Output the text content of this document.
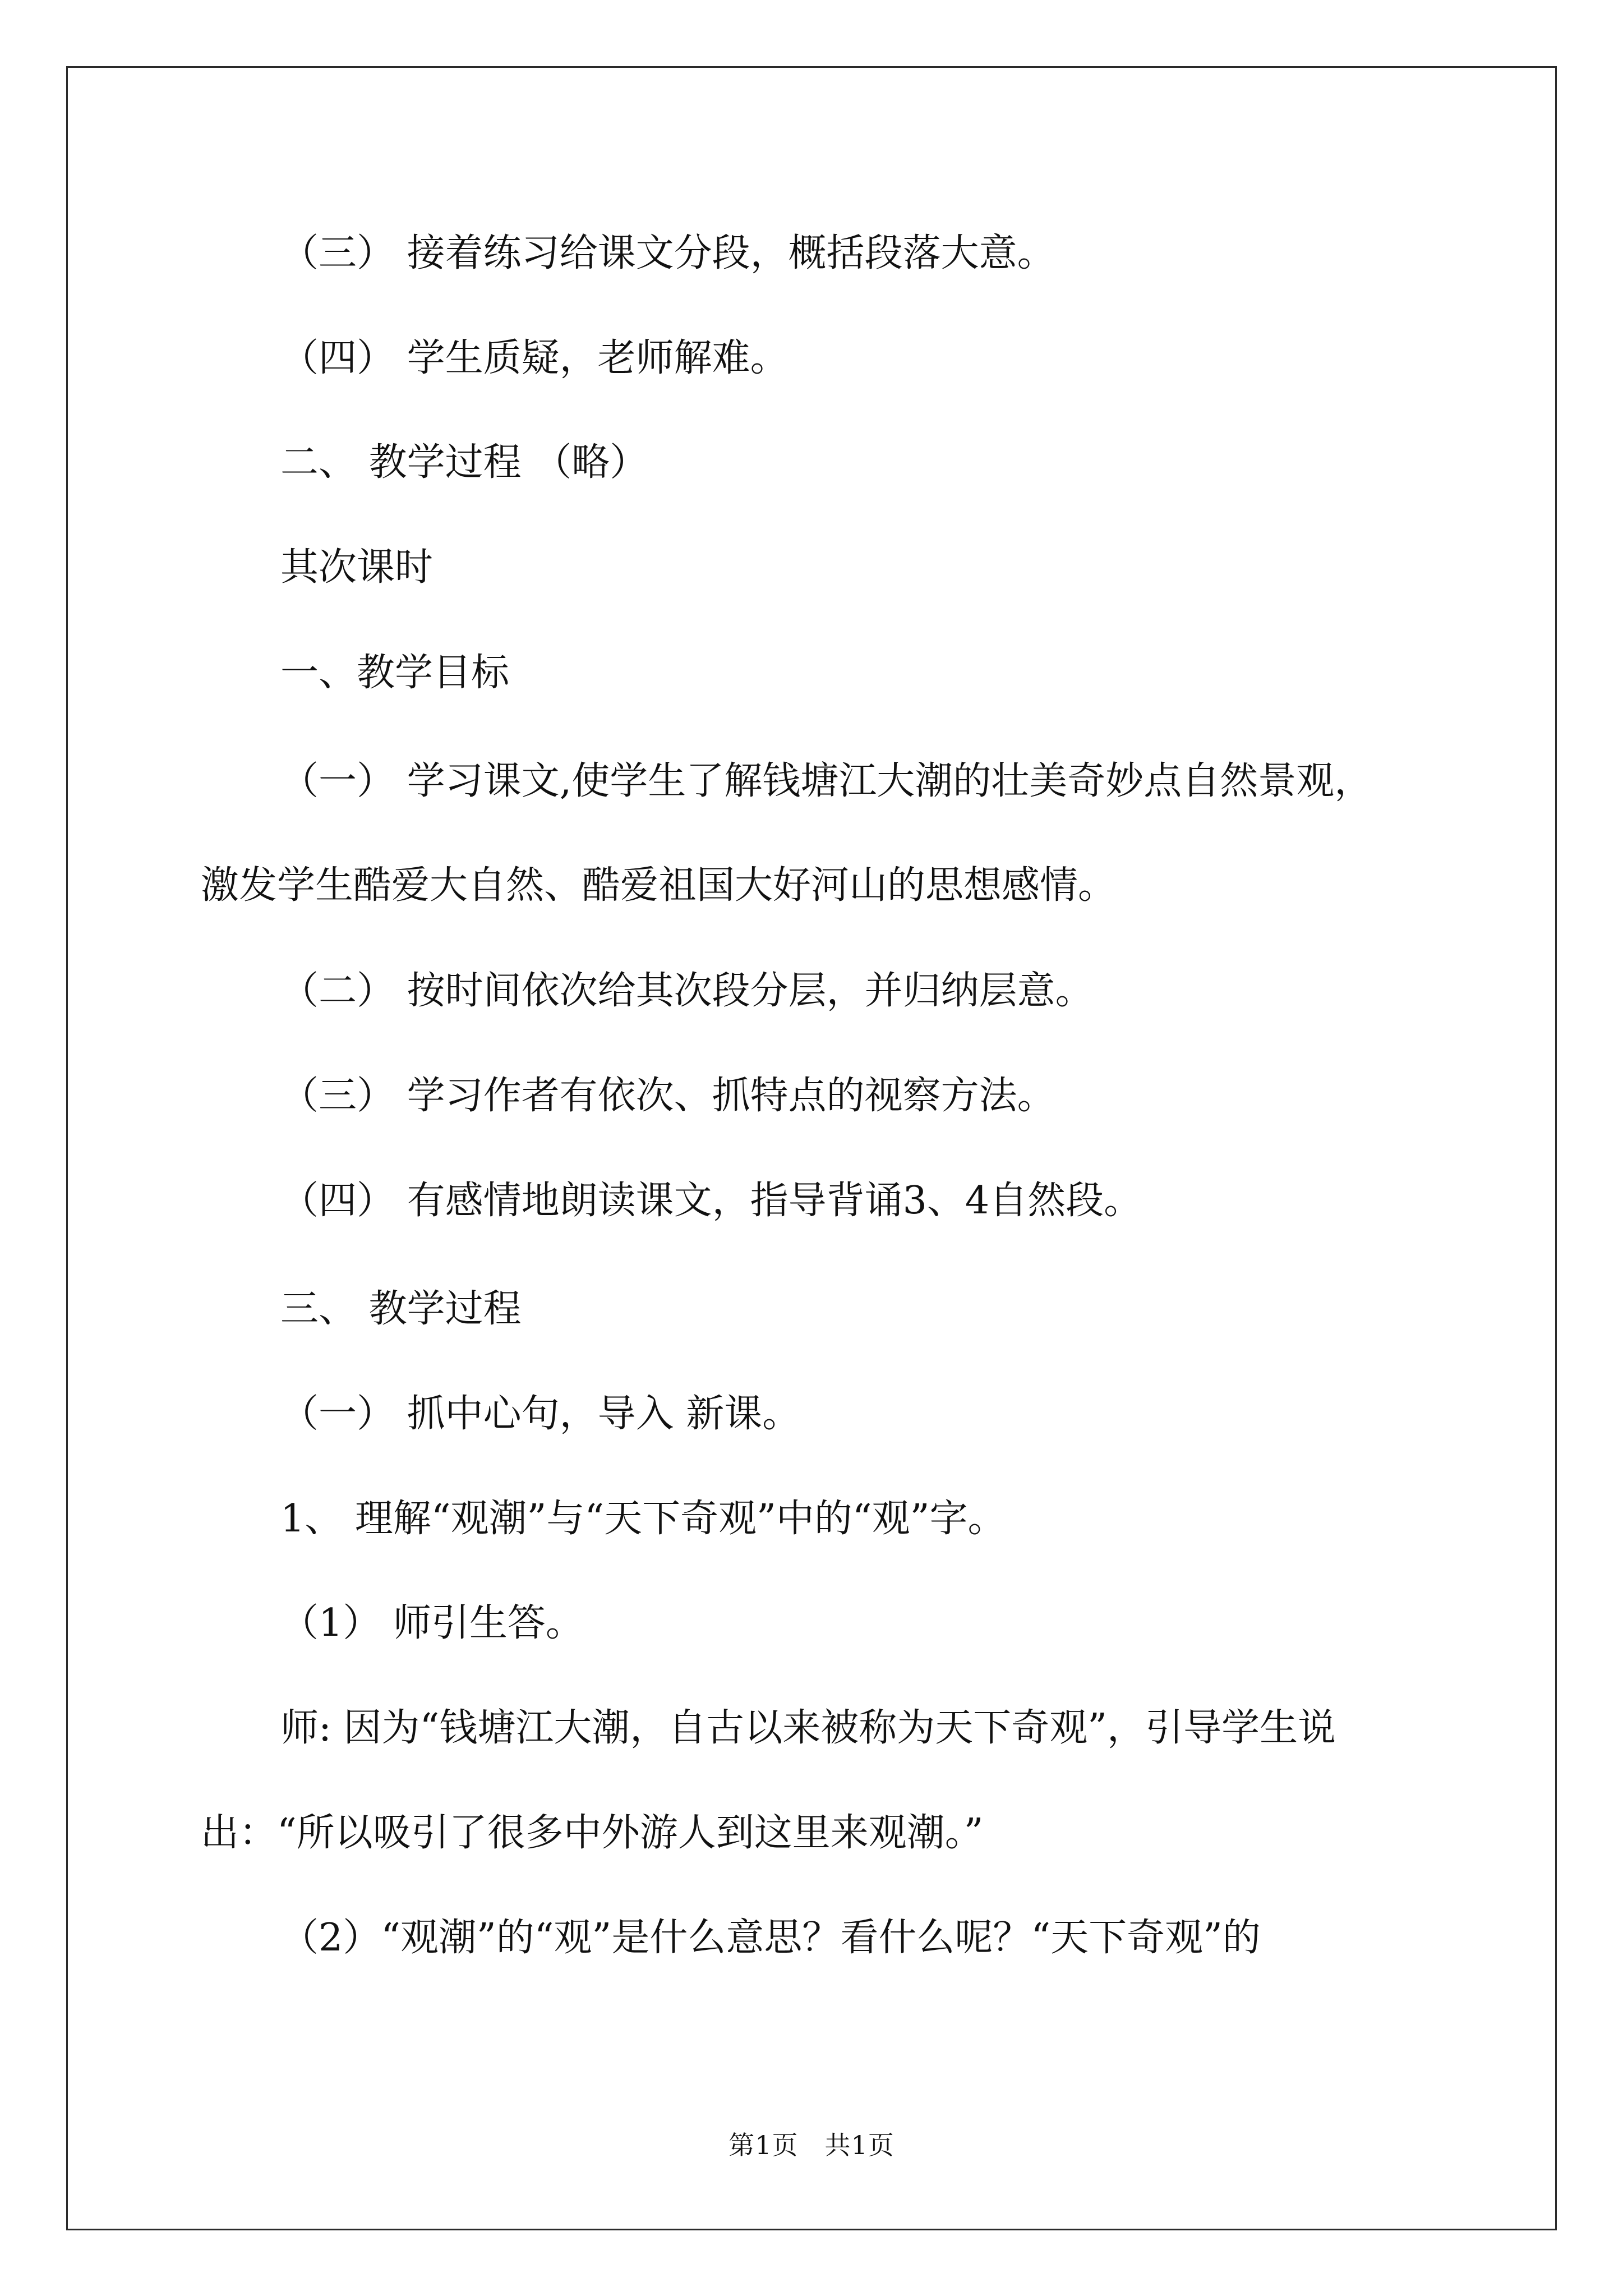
（三） 接着练习给课文分段，概括段落大意。
（四） 学生质疑，老师解难。
二、 教学过程 （略）
其次课时
一、教学目标
（一） 学习课文,使学生了解钱塘江大潮的壮美奇妙点自然景观，
激发学生酷爱大自然、酷爱祖国大好河山的思想感情。
（二） 按时间依次给其次段分层，并归纳层意。
（三） 学习作者有依次、抓特点的视察方法。
（四） 有感情地朗读课文，指导背诵3、4自然段。
三、 教学过程
（一） 抓中心句，导入 新课。
1、 理解“观潮”与“天下奇观”中的“观”字。
（1） 师引生答。
师: 因为“钱塘江大潮，自古以来被称为天下奇观”，引导学生说
出：“所以吸引了很多中外游人到这里来观潮。”
（2）“观潮”的“观”是什么意思？看什么呢？“天下奇观”的
第1页　共1页
